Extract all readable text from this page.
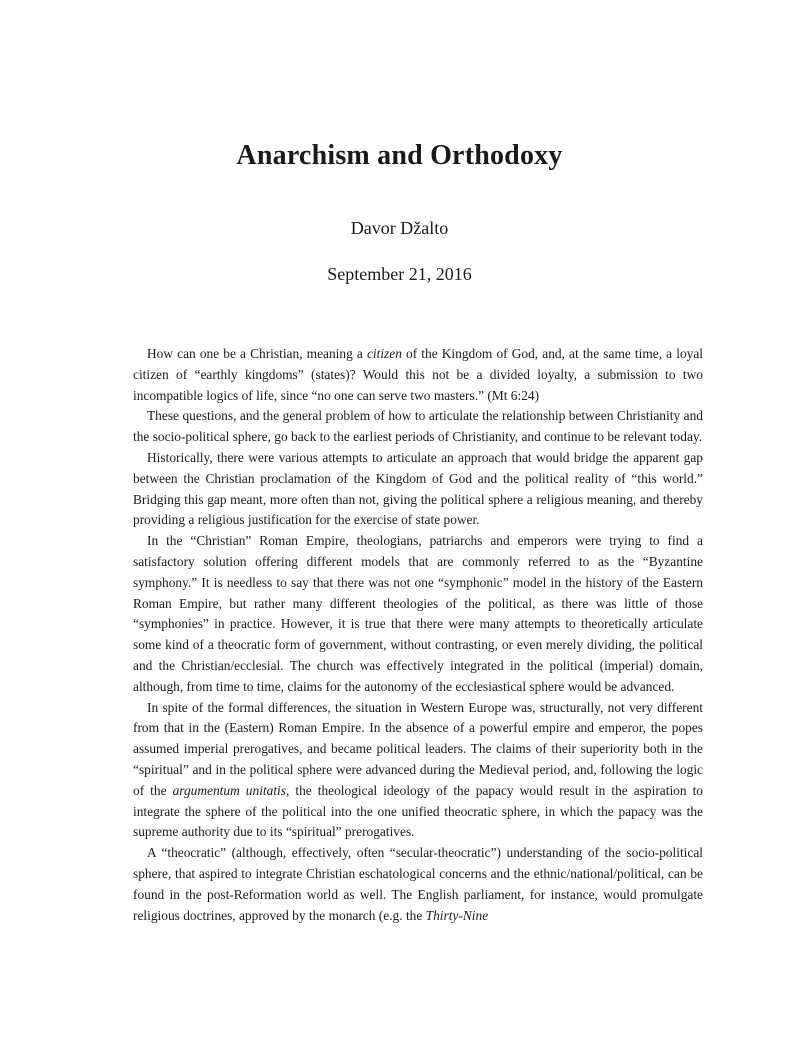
Anarchism and Orthodoxy
Davor Džalto
September 21, 2016

How can one be a Christian, meaning a citizen of the Kingdom of God, and, at the same time, a loyal citizen of “earthly kingdoms” (states)? Would this not be a divided loyalty, a submission to two incompatible logics of life, since “no one can serve two masters.” (Mt 6:24)

These questions, and the general problem of how to articulate the relationship between Christianity and the socio-political sphere, go back to the earliest periods of Christianity, and continue to be relevant today.

Historically, there were various attempts to articulate an approach that would bridge the apparent gap between the Christian proclamation of the Kingdom of God and the political reality of “this world.” Bridging this gap meant, more often than not, giving the political sphere a religious meaning, and thereby providing a religious justification for the exercise of state power.

In the “Christian” Roman Empire, theologians, patriarchs and emperors were trying to find a satisfactory solution offering different models that are commonly referred to as the “Byzantine symphony.” It is needless to say that there was not one “symphonic” model in the history of the Eastern Roman Empire, but rather many different theologies of the political, as there was little of those “symphonies” in practice. However, it is true that there were many attempts to theoretically articulate some kind of a theocratic form of government, without contrasting, or even merely dividing, the political and the Christian/ecclesial. The church was effectively integrated in the political (imperial) domain, although, from time to time, claims for the autonomy of the ecclesiastical sphere would be advanced.

In spite of the formal differences, the situation in Western Europe was, structurally, not very different from that in the (Eastern) Roman Empire. In the absence of a powerful empire and emperor, the popes assumed imperial prerogatives, and became political leaders. The claims of their superiority both in the “spiritual” and in the political sphere were advanced during the Medieval period, and, following the logic of the argumentum unitatis, the theological ideology of the papacy would result in the aspiration to integrate the sphere of the political into the one unified theocratic sphere, in which the papacy was the supreme authority due to its “spiritual” prerogatives.

A “theocratic” (although, effectively, often “secular-theocratic”) understanding of the socio-political sphere, that aspired to integrate Christian eschatological concerns and the ethnic/national/political, can be found in the post-Reformation world as well. The English parliament, for instance, would promulgate religious doctrines, approved by the monarch (e.g. the Thirty-Nine
